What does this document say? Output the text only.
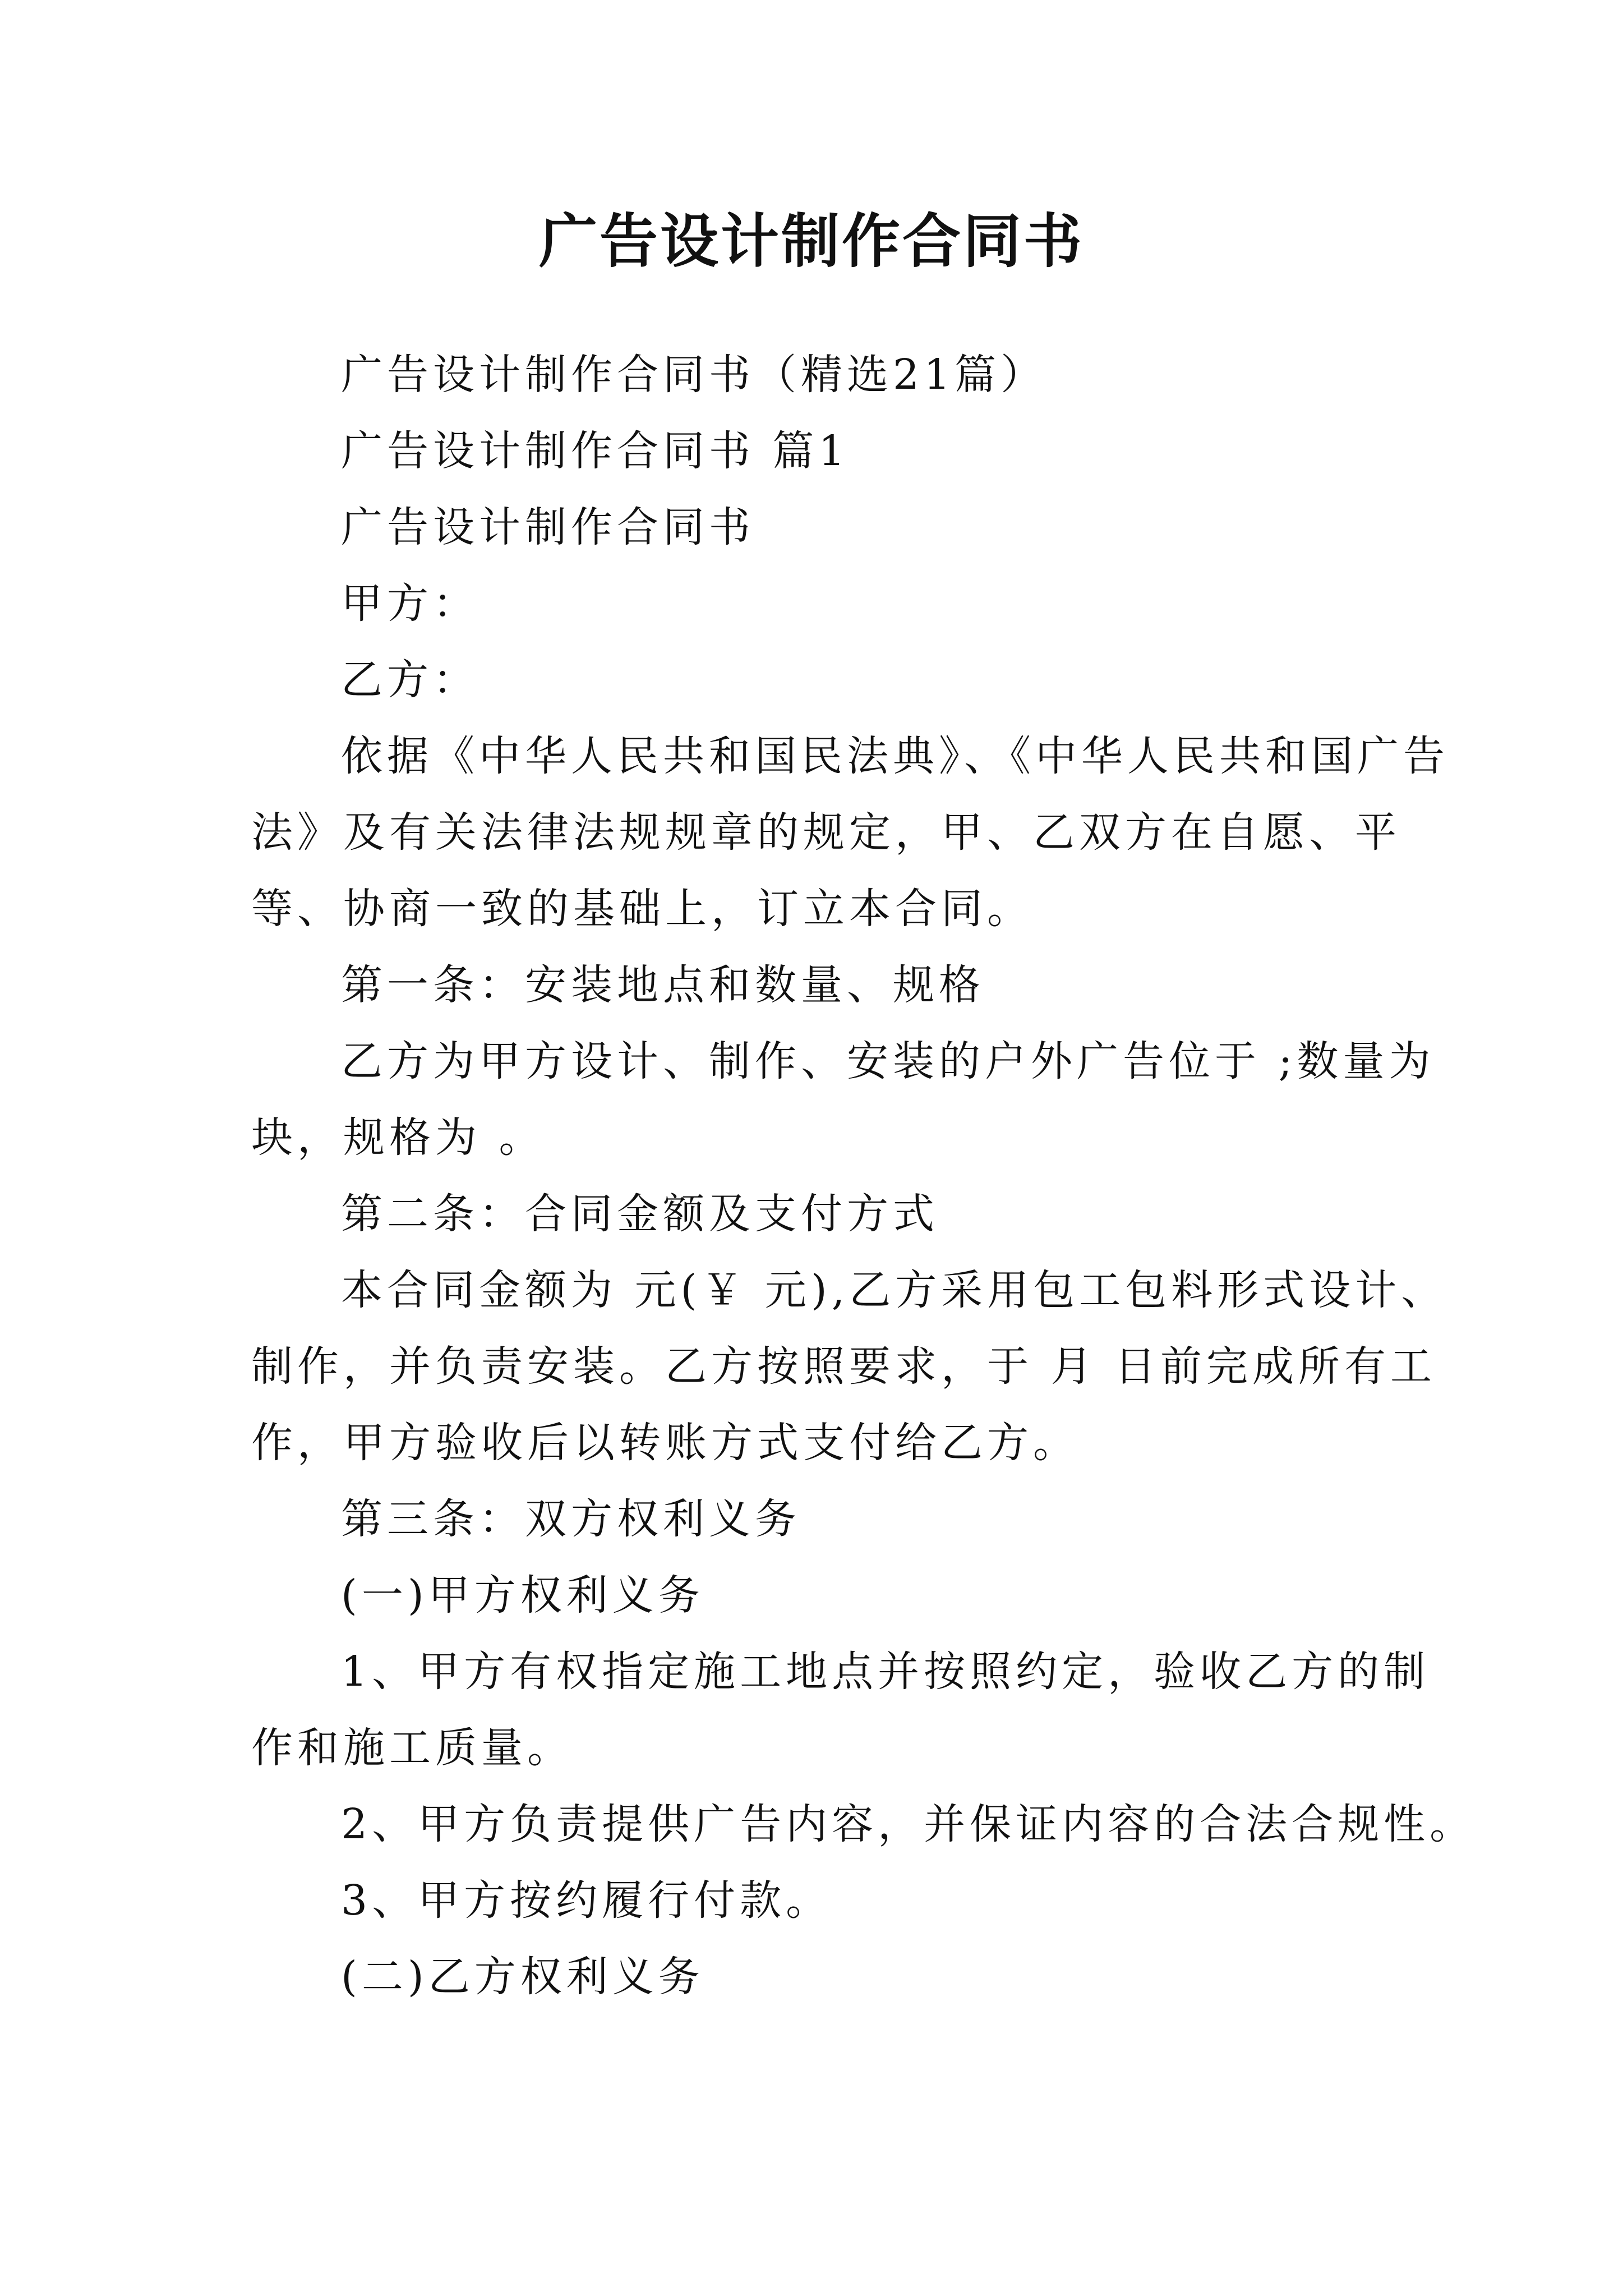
广告设计制作合同书

广告设计制作合同书（精选21篇）

广告设计制作合同书 篇1

广告设计制作合同书

甲方：

乙方：

依据《中华人民共和国民法典》、《中华人民共和国广告法》及有关法律法规规章的规定，甲、乙双方在自愿、平等、协商一致的基础上，订立本合同。

第一条：安装地点和数量、规格

乙方为甲方设计、制作、安装的户外广告位于 ;数量为 块，规格为 。

第二条：合同金额及支付方式

本合同金额为 元(￥ 元),乙方采用包工包料形式设计、制作，并负责安装。乙方按照要求，于 月 日前完成所有工作，甲方验收后以转账方式支付给乙方。

第三条：双方权利义务

(一)甲方权利义务

1、甲方有权指定施工地点并按照约定，验收乙方的制作和施工质量。

2、甲方负责提供广告内容，并保证内容的合法合规性。

3、甲方按约履行付款。

(二)乙方权利义务
